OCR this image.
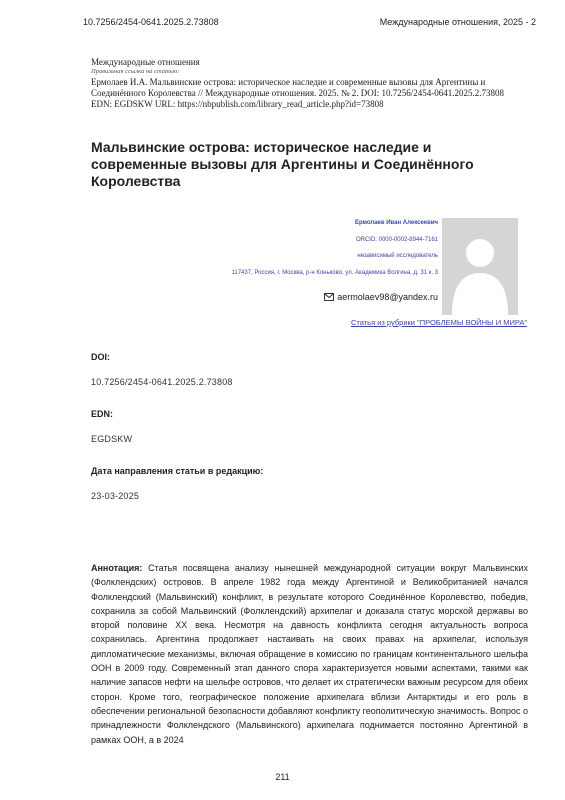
10.7256/2454-0641.2025.2.73808	Международные отношения, 2025 - 2
Международные отношения
Правильная ссылка на статью:
Ермолаев И.А. Мальвинские острова: историческое наследие и современные вызовы для Аргентины и Соединённого Королевства // Международные отношения. 2025. № 2. DOI: 10.7256/2454-0641.2025.2.73808
EDN: EGDSKW URL: https://nbpublish.com/library_read_article.php?id=73808
Мальвинские острова: историческое наследие и современные вызовы для Аргентины и Соединённого Королевства
Ермолаев Иван Алексеевич
ORCID: 0000-0002-8944-7161
независимый исследователь
117437, Россия, г. Москва, р-н Коньково, ул. Академика Волгина, д. 31 к. 3
aermolaev98@yandex.ru
Статья из рубрики "ПРОБЛЕМЫ ВОЙНЫ И МИРА"
DOI:
10.7256/2454-0641.2025.2.73808
EDN:
EGDSKW
Дата направления статьи в редакцию:
23-03-2025

Аннотация: Статья посвящена анализу нынешней международной ситуации вокруг Мальвинских (Фолклендских) островов. В апреле 1982 года между Аргентиной и Великобританией начался Фолклендский (Мальвинский) конфликт, в результате которого Соединённое Королевство, победив, сохранила за собой Мальвинский (Фолклендский) архипелаг и доказала статус морской державы во второй половине XX века. Несмотря на давность конфликта сегодня актуальность вопроса сохранилась. Аргентина продолжает настаивать на своих правах на архипелаг, используя дипломатические механизмы, включая обращение в комиссию по границам континентального шельфа ООН в 2009 году. Современный этап данного спора характеризуется новыми аспектами, такими как наличие запасов нефти на шельфе островов, что делает их стратегически важным ресурсом для обеих сторон. Кроме того, географическое положение архипелага вблизи Антарктиды и его роль в обеспечении региональной безопасности добавляют конфликту геополитическую значимость. Вопрос о принадлежности Фолклендского (Мальвинского) архипелага поднимается постоянно Аргентиной в рамках ООН, а в 2024

211
